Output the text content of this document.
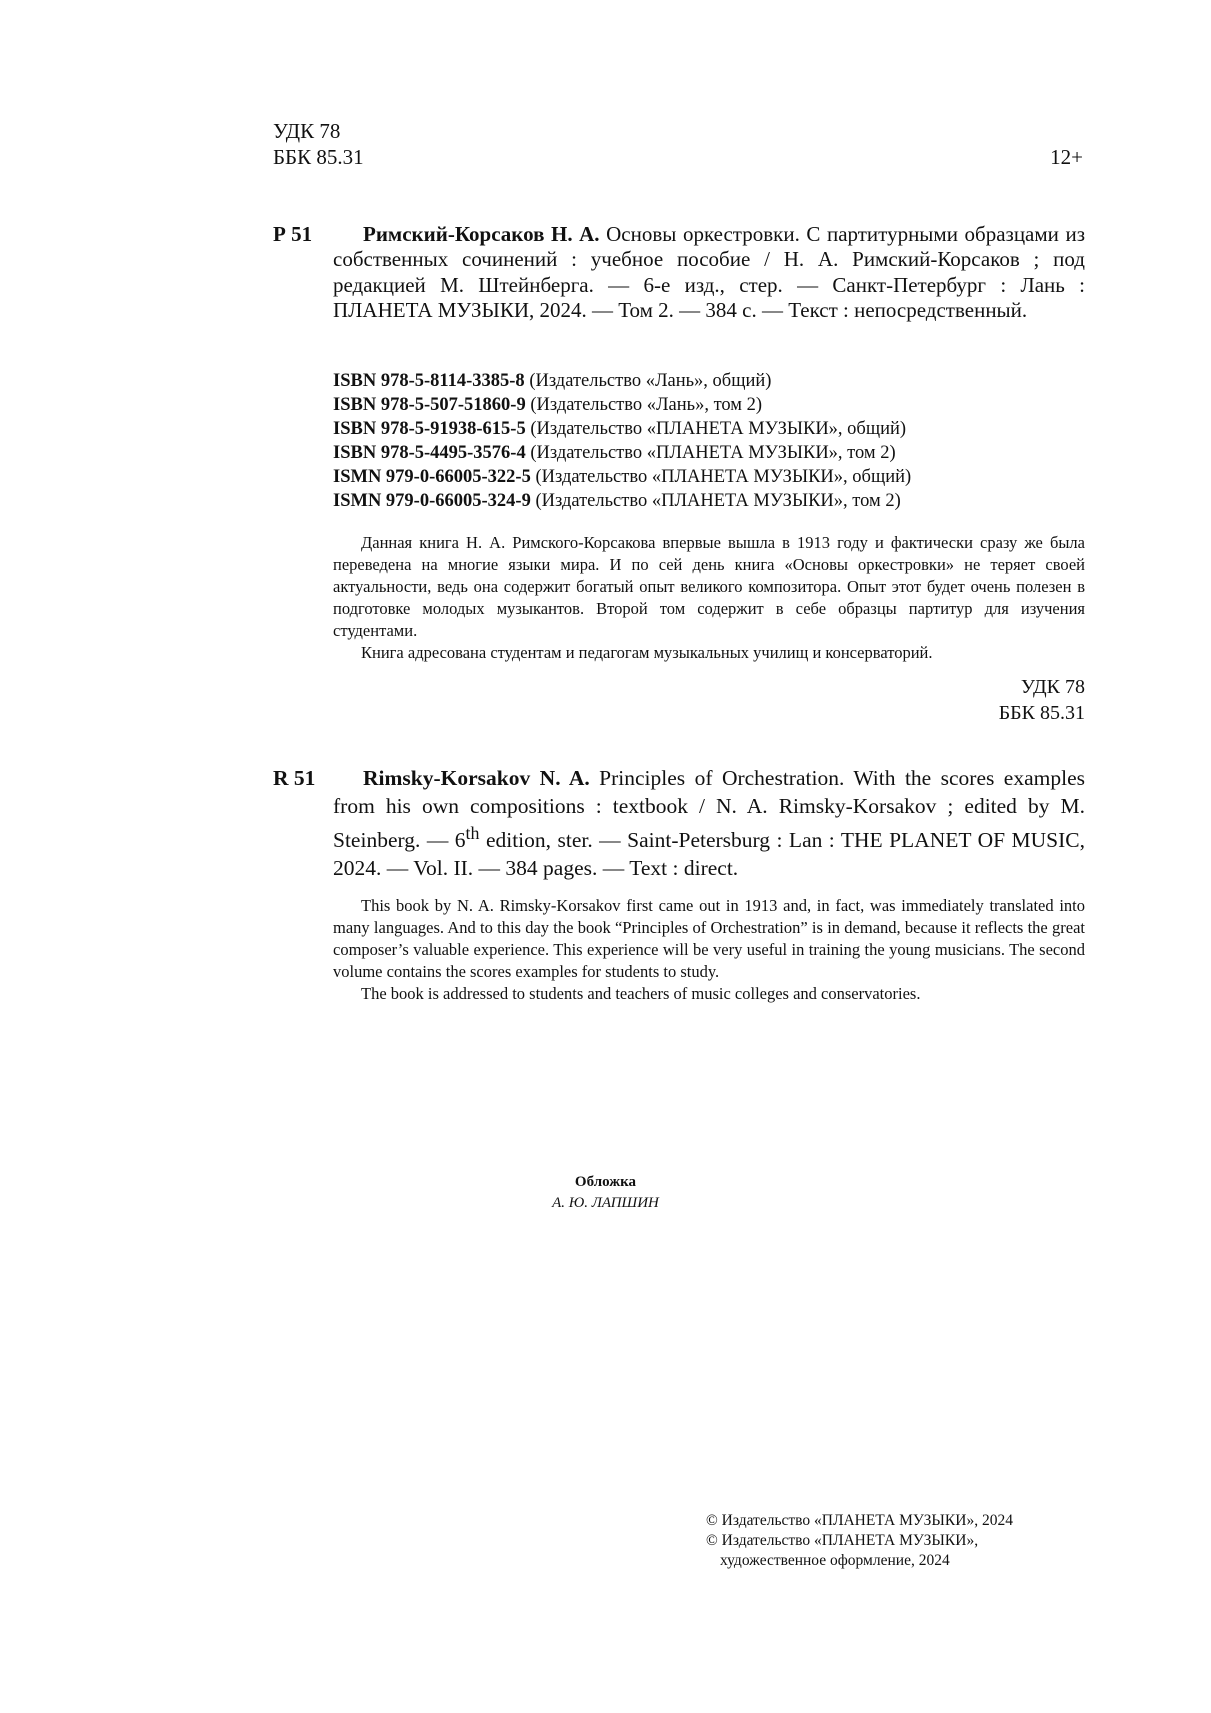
УДК 78
ББК 85.31	12+
Р 51	Римский-Корсаков Н. А. Основы оркестровки. С партитурными образцами из собственных сочинений : учебное пособие / Н. А. Римский-Корсаков ; под редакцией М. Штейнберга. — 6-е изд., стер. — Санкт-Петербург : Лань : ПЛАНЕТА МУЗЫКИ, 2024. — Том 2. — 384 с. — Текст : непосредственный.
ISBN 978-5-8114-3385-8 (Издательство «Лань», общий)
ISBN 978-5-507-51860-9 (Издательство «Лань», том 2)
ISBN 978-5-91938-615-5 (Издательство «ПЛАНЕТА МУЗЫКИ», общий)
ISBN 978-5-4495-3576-4 (Издательство «ПЛАНЕТА МУЗЫКИ», том 2)
ISMN 979-0-66005-322-5 (Издательство «ПЛАНЕТА МУЗЫКИ», общий)
ISMN 979-0-66005-324-9 (Издательство «ПЛАНЕТА МУЗЫКИ», том 2)

Данная книга Н. А. Римского-Корсакова впервые вышла в 1913 году и фактически сразу же была переведена на многие языки мира. И по сей день книга «Основы оркестровки» не теряет своей актуальности, ведь она содержит богатый опыт великого композитора. Опыт этот будет очень полезен в подготовке молодых музыкантов. Второй том содержит в себе образцы партитур для изучения студентами.

Книга адресована студентам и педагогам музыкальных училищ и консерваторий.

УДК 78
ББК 85.31
R 51	Rimsky-Korsakov N. A. Principles of Orchestration. With the scores examples from his own compositions : textbook / N. A. Rimsky-Korsakov ; edited by M. Steinberg. — 6th edition, ster. — Saint-Petersburg : Lan : THE PLANET OF MUSIC, 2024. — Vol. II. — 384 pages. — Text : direct.

This book by N. A. Rimsky-Korsakov first came out in 1913 and, in fact, was immediately translated into many languages. And to this day the book “Principles of Orchestration” is in demand, because it reflects the great composer’s valuable experience. This experience will be very useful in training the young musicians. The second volume contains the scores examples for students to study.

The book is addressed to students and teachers of music colleges and conservatories.

Обложка
А. Ю. ЛАПШИН
© Издательство «ПЛАНЕТА МУЗЫКИ», 2024
© Издательство «ПЛАНЕТА МУЗЫКИ»,
художественное оформление, 2024
